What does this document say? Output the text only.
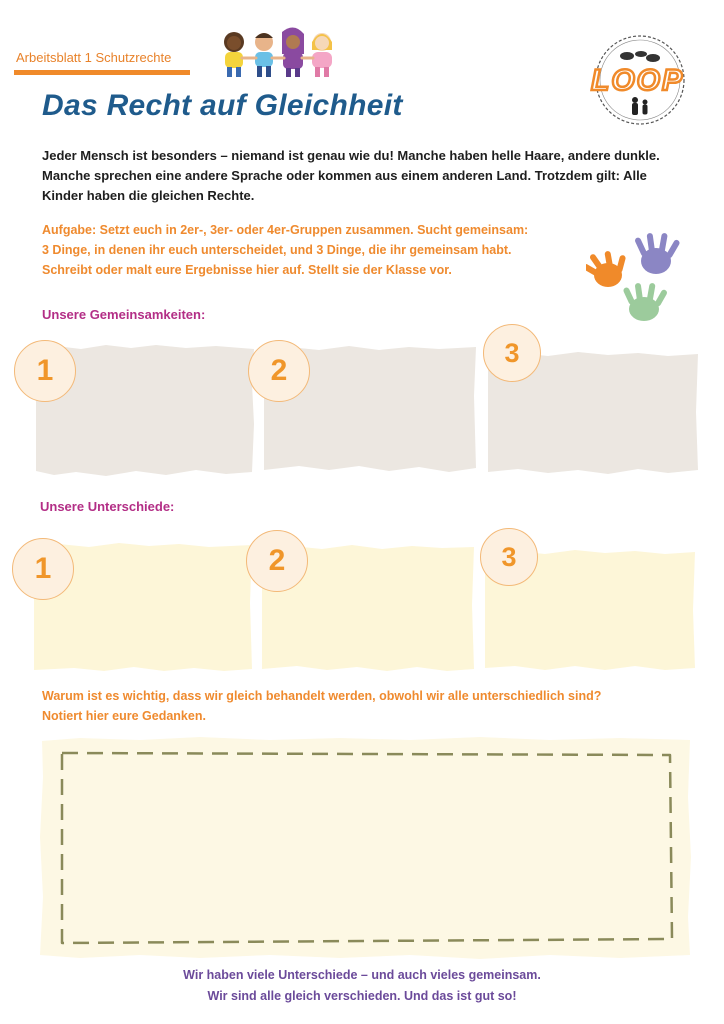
Arbeitsblatt 1 Schutzrechte
LOOP
Das Recht auf Gleichheit

Jeder Mensch ist besonders – niemand ist genau wie du! Manche haben helle Haare, andere dunkle. Manche sprechen eine andere Sprache oder kommen aus einem anderen Land. Trotzdem gilt: Alle Kinder haben die gleichen Rechte.

Aufgabe: Setzt euch in 2er-, 3er- oder 4er-Gruppen zusammen. Sucht gemeinsam:
3 Dinge, in denen ihr euch unterscheidet, und 3 Dinge, die ihr gemeinsam habt.
Schreibt oder malt eure Ergebnisse hier auf. Stellt sie der Klasse vor.
Unsere Gemeinsamkeiten:
1	2
3
Unsere Unterschiede:
1	2	3
Warum ist es wichtig, dass wir gleich behandelt werden, obwohl wir alle unterschiedlich sind?
Notiert hier eure Gedanken.
Wir haben viele Unterschiede – und auch vieles gemeinsam.
Wir sind alle gleich verschieden. Und das ist gut so!
